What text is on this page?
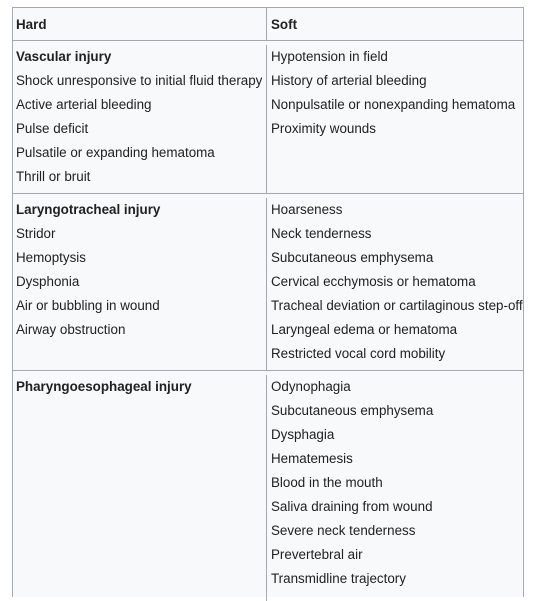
Hard	Soft
Vascular injury
Shock unresponsive to initial fluid therapy
Active arterial bleeding
Pulse deficit
Pulsatile or expanding hematoma
Thrill or bruit
Hypotension in field
History of arterial bleeding
Nonpulsatile or nonexpanding hematoma
Proximity wounds
Laryngotracheal injury
Stridor
Hemoptysis
Dysphonia
Air or bubbling in wound
Airway obstruction
Hoarseness
Neck tenderness
Subcutaneous emphysema
Cervical ecchymosis or hematoma
Tracheal deviation or cartilaginous step-off
Laryngeal edema or hematoma
Restricted vocal cord mobility
Pharyngoesophageal injury	Odynophagia
Subcutaneous emphysema
Dysphagia
Hematemesis
Blood in the mouth
Saliva draining from wound
Severe neck tenderness
Prevertebral air
Transmidline trajectory
